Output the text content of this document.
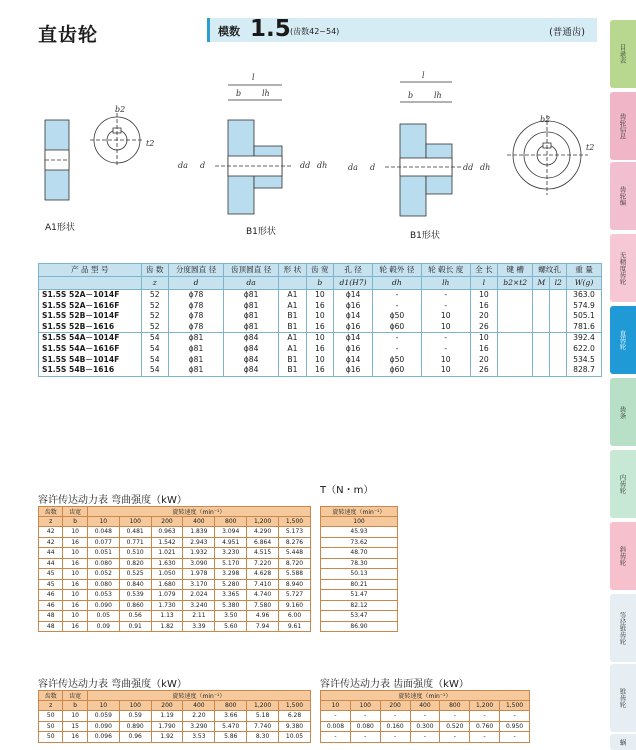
直齿轮	模数 1.5 (齿数42~54)	(普通齿)
目录表
齿轮信息
齿轮编
无精度齿轮
直齿轮
齿条
内齿轮
斜齿轮
等径锥齿轮
锥齿轮
蜗
l
b	lh
da d	dd dh
l
b	lh
da d	dd dh
b2
t2
b2
t2
A1形状	B1形状	B1形状
产 品 型 号	齿 数	分度圆直 径	齿顶圆直 径	形 状	齿 宽	孔 径	轮 毂外 径	轮 毂长 度	全 长	键 槽	螺纹孔		重 量
	z	d	da		b	d1(H7)	dh	lh	l	b2×t2	M	l2	W(g)
S1.5S 52A－1014F	52	ϕ78	ϕ81	A1	10	ϕ14	-	-	10				363.0
S1.5S 52A－1616F	52	ϕ78	ϕ81	A1	16	ϕ16	-	-	16				574.9
S1.5S 52B－1014F	52	ϕ78	ϕ81	B1	10	ϕ14	ϕ50	10	20				505.1
S1.5S 52B－1616	52	ϕ78	ϕ81	B1	16	ϕ16	ϕ60	10	26				781.6
S1.5S 54A－1014F	54	ϕ81	ϕ84	A1	10	ϕ14	-	-	10				392.4
S1.5S 54A－1616F	54	ϕ81	ϕ84	A1	16	ϕ16	-	-	16				622.0
S1.5S 54B－1014F	54	ϕ81	ϕ84	B1	10	ϕ14	ϕ50	10	20				534.5
S1.5S 54B－1616	54	ϕ81	ϕ84	B1	16	ϕ16	ϕ60	10	26				828.7
T（N・m）
容许传达动力表 弯曲强度（kW）
齿数	齿宽	旋转速度（min⁻¹）						
z	b	10	100	200	400	800	1,200	1,500
42	10	0.048	0.481	0.963	1.839	3.094	4.290	5.173
42	16	0.077	0.771	1.542	2.943	4.951	6.864	8.276
44	10	0.051	0.510	1.021	1.932	3.230	4.515	5.448
44	16	0.080	0.820	1.630	3.090	5.170	7.220	8.720
45	10	0.052	0.525	1.050	1.978	3.298	4.628	5.588
45	16	0.080	0.840	1.680	3.170	5.280	7.410	8.940
46	10	0.053	0.539	1.079	2.024	3.365	4.740	5.727
46	16	0.090	0.860	1.730	3.240	5.380	7.580	9.160
48	10	0.05	0.56	1.13	2.11	3.50	4.96	6.00
48	16	0.09	0.91	1.82	3.39	5.60	7.94	9.61
旋转速度（min⁻¹）
100
45.93
73.62
48.70
78.30
50.13
80.21
51.47
82.12
53.47
86.90
容许传达动力表 弯曲强度（kW）
齿数	齿宽	旋转速度（min⁻¹）						
z	b	10	100	200	400	800	1,200	1,500
50	10	0.059	0.59	1.19	2.20	3.66	5.18	6.28
50	15	0.090	0.890	1.790	3.290	5.470	7.740	9.380
50	16	0.096	0.96	1.92	3.53	5.86	8.30	10.05
容许传达动力表 齿面强度（kW）
旋转速度（min⁻¹）						
10	100	200	400	800	1,200	1,500
-	-	-	-	-	-	-
0.008	0.080	0.160	0.300	0.520	0.760	0.950
-	-	-	-	-	-	-
